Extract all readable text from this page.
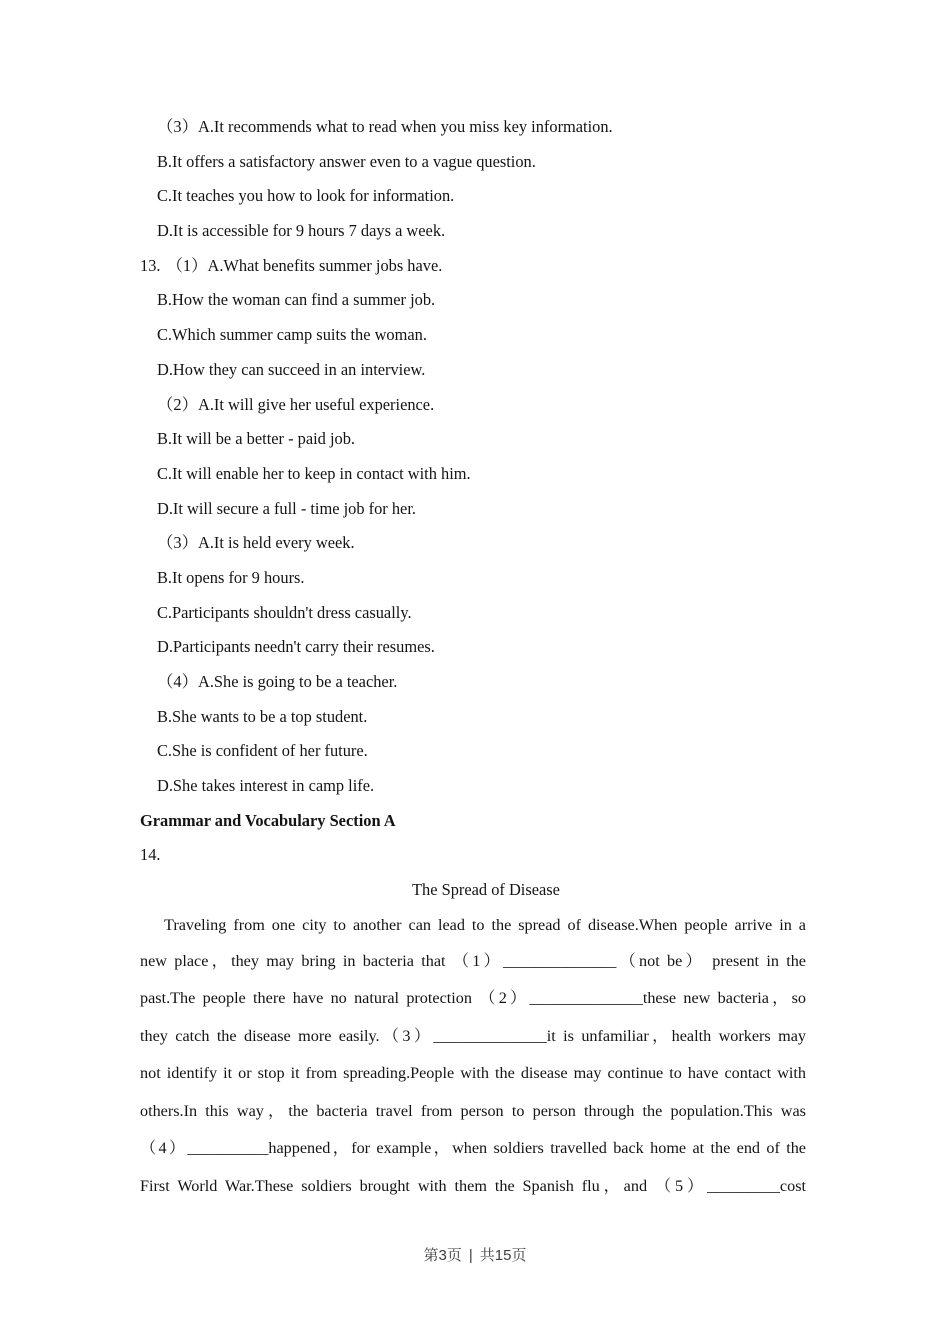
（3）A.It recommends what to read when you miss key information.
B.It offers a satisfactory answer even to a vague question.
C.It teaches you how to look for information.
D.It is accessible for 9 hours 7 days a week.
13. （1）A.What benefits summer jobs have.
B.How the woman can find a summer job.
C.Which summer camp suits the woman.
D.How they can succeed in an interview.
（2）A.It will give her useful experience.
B.It will be a better - paid job.
C.It will enable her to keep in contact with him.
D.It will secure a full - time job for her.
（3）A.It is held every week.
B.It opens for 9 hours.
C.Participants shouldn't dress casually.
D.Participants needn't carry their resumes.
（4）A.She is going to be a teacher.
B.She wants to be a top student.
C.She is confident of her future.
D.She takes interest in camp life.
Grammar and Vocabulary Section A
14.
The Spread of Disease
Traveling from one city to another can lead to the spread of disease.When people arrive in a
new place，they may bring in bacteria that （1）______________（not be） present in the
past.The people there have no natural protection （2）______________these new bacteria，so
they catch the disease more easily.（3）______________it is unfamiliar，health workers may
not identify it or stop it from spreading.People with the disease may continue to have contact with
others.In this way，the bacteria travel from person to person through the population.This was
（4）__________happened，for example，when soldiers travelled back home at the end of the
First World War.These soldiers brought with them the Spanish flu，and （5）_________cost
第3页 | 共15页
